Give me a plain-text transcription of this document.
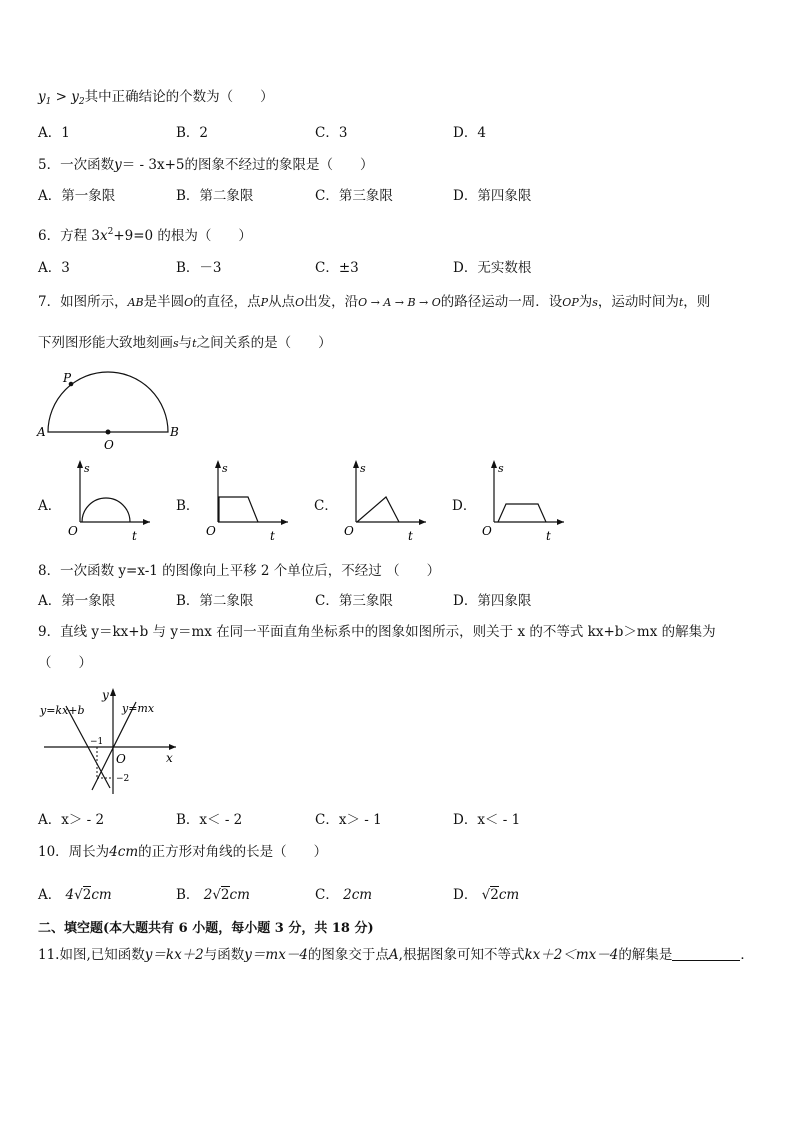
$y_1 > y_2$其中正确结论的个数为（　　）
A．1	B．2	C．3	D．4
5．一次函数y＝ - 3x+5的图象不经过的象限是（　　）
A．第一象限	B．第二象限	C．第三象限	D．第四象限
6．方程 $3x^2+9=0$ 的根为（　　）
A．3	B．－3	C．±3	D．无实数根
7．如图所示，AB是半圆O的直径，点P从点O出发，沿O → A → B → O的路径运动一周．设OP为s，运动时间为t，则
下列图形能大致地刻画s与t之间关系的是（　　）
P
A
O
B
A．
s
O	t
B．
s
O	t
C．
s
O	t
D．
s
O	t
8．一次函数 y=x-1 的图像向上平移 2 个单位后，不经过 （　　）
A．第一象限	B．第二象限	C．第三象限	D．第四象限
9．直线 y＝kx+b 与 y＝mx 在同一平面直角坐标系中的图象如图所示，则关于 x 的不等式 kx+b＞mx 的解集为
（　　）
y=kx+b	y=mx
y
x
O
−1
−2
A．x＞ - 2	B．x＜ - 2	C．x＞ - 1	D．x＜ - 1
10．周长为4cm的正方形对角线的长是（　　）
A． 4√2cm	B． 2√2cm	C． 2cm	D． √2cm
二、填空题(本大题共有 6 小题，每小题 3 分，共 18 分)
11.如图,已知函数y＝kx＋2与函数y＝mx－4的图象交于点A,根据图象可知不等式kx＋2＜mx－4的解集是	．
